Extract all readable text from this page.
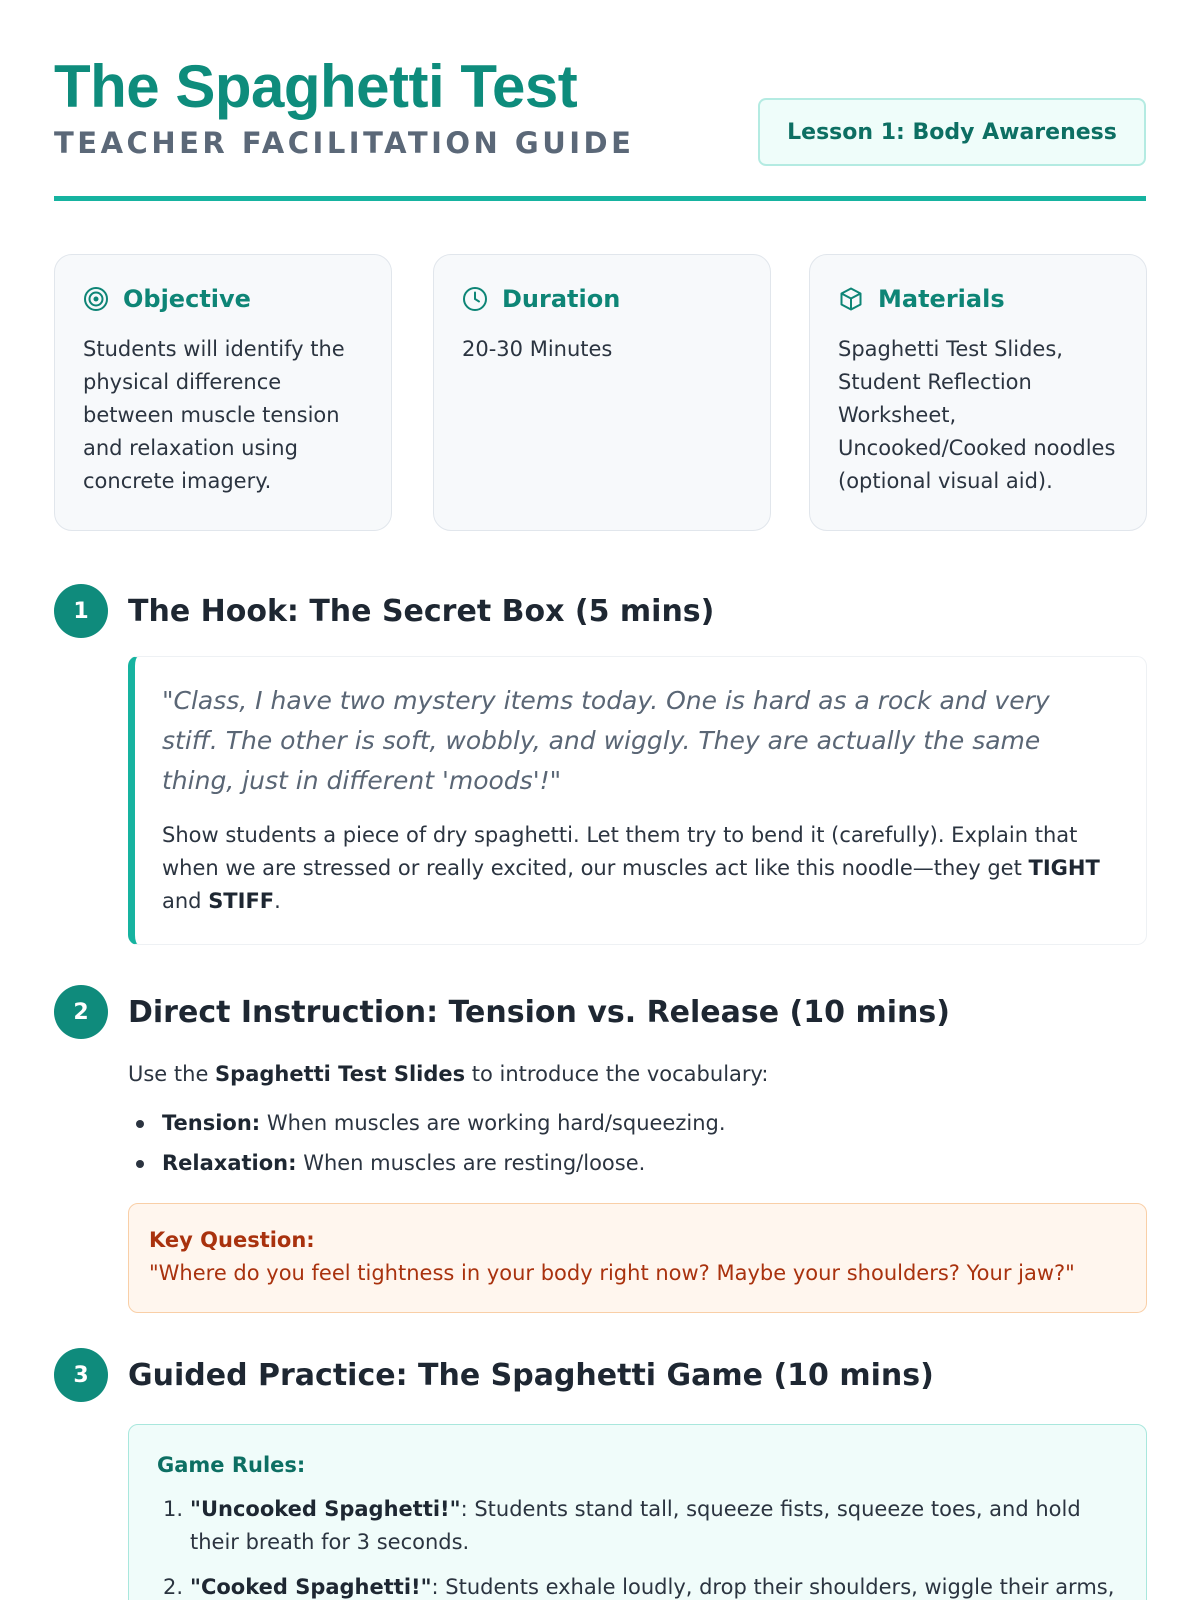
The Spaghetti Test
TEACHER FACILITATION GUIDE	Lesson 1: Body Awareness
Objective
Students will identify the physical difference between muscle tension and relaxation using concrete imagery.
Duration
20-30 Minutes
Materials
Spaghetti Test Slides, Student Reflection Worksheet, Uncooked/Cooked noodles (optional visual aid).
1	The Hook: The Secret Box (5 mins)
"Class, I have two mystery items today. One is hard as a rock and very stiff. The other is soft, wobbly, and wiggly. They are actually the same thing, just in different 'moods'!"
Show students a piece of dry spaghetti. Let them try to bend it (carefully). Explain that when we are stressed or really excited, our muscles act like this noodle—they get TIGHT and STIFF.
2	Direct Instruction: Tension vs. Release (10 mins)
Use the Spaghetti Test Slides to introduce the vocabulary:
Tension: When muscles are working hard/squeezing.
Relaxation: When muscles are resting/loose.
Key Question:
"Where do you feel tightness in your body right now? Maybe your shoulders? Your jaw?"
3	Guided Practice: The Spaghetti Game (10 mins)
Game Rules:
1. "Uncooked Spaghetti!": Students stand tall, squeeze fists, squeeze toes, and hold their breath for 3 seconds.
2. "Cooked Spaghetti!": Students exhale loudly, drop their shoulders, wiggle their arms,
